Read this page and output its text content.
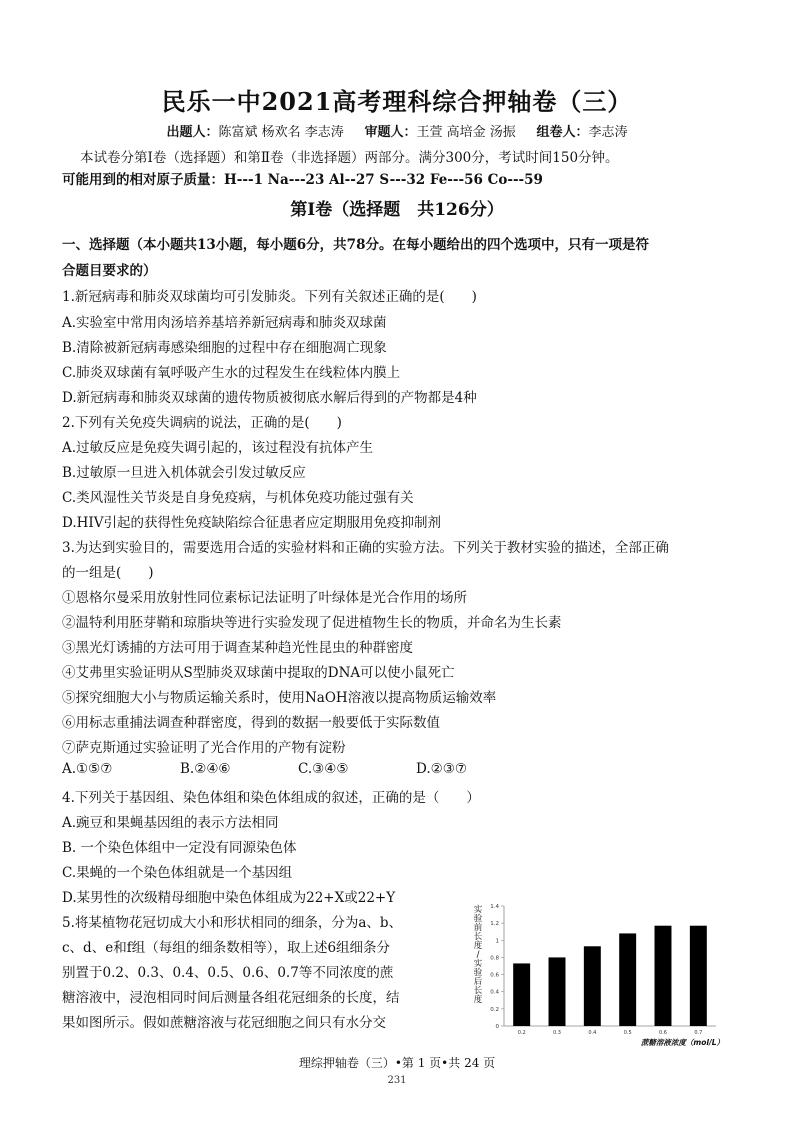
民乐一中2021高考理科综合押轴卷（三）
出题人：陈富斌 杨欢名 李志涛 审题人：王萱 高培金 汤振 组卷人：李志涛
本试卷分第Ⅰ卷（选择题）和第Ⅱ卷（非选择题）两部分。满分300分，考试时间150分钟。
可能用到的相对原子质量：H---1 Na---23 Al--27 S---32 Fe---56 Co---59
第Ⅰ卷（选择题　共126分）
一、选择题（本小题共13小题，每小题6分，共78分。在每小题给出的四个选项中，只有一项是符
合题目要求的）
1.新冠病毒和肺炎双球菌均可引发肺炎。下列有关叙述正确的是(　　)
A.实验室中常用肉汤培养基培养新冠病毒和肺炎双球菌
B.清除被新冠病毒感染细胞的过程中存在细胞凋亡现象
C.肺炎双球菌有氧呼吸产生水的过程发生在线粒体内膜上
D.新冠病毒和肺炎双球菌的遗传物质被彻底水解后得到的产物都是4种
2.下列有关免疫失调病的说法，正确的是(　　)
A.过敏反应是免疫失调引起的，该过程没有抗体产生
B.过敏原一旦进入机体就会引发过敏反应
C.类风湿性关节炎是自身免疫病，与机体免疫功能过强有关
D.HIV引起的获得性免疫缺陷综合征患者应定期服用免疫抑制剂
3.为达到实验目的，需要选用合适的实验材料和正确的实验方法。下列关于教材实验的描述，全部正确
的一组是(　　)
①恩格尔曼采用放射性同位素标记法证明了叶绿体是光合作用的场所
②温特利用胚芽鞘和琼脂块等进行实验发现了促进植物生长的物质，并命名为生长素
③黑光灯诱捕的方法可用于调查某种趋光性昆虫的种群密度
④艾弗里实验证明从S型肺炎双球菌中提取的DNA可以使小鼠死亡
⑤探究细胞大小与物质运输关系时，使用NaOH溶液以提高物质运输效率
⑥用标志重捕法调查种群密度，得到的数据一般要低于实际数值
⑦萨克斯通过实验证明了光合作用的产物有淀粉
A.①⑤⑦	B.②④⑥	C.③④⑤	D.②③⑦
4.下列关于基因组、染色体组和染色体组成的叙述，正确的是（　　）
A.豌豆和果蝇基因组的表示方法相同
B. 一个染色体组中一定没有同源染色体
C.果蝇的一个染色体组就是一个基因组
D.某男性的次级精母细胞中染色体组成为22+X或22+Y
5.将某植物花冠切成大小和形状相同的细条，分为a、b、
c、d、e和f组（每组的细条数相等），取上述6组细条分
别置于0.2、0.3、0.4、0.5、0.6、0.7等不同浓度的蔗
糖溶液中，浸泡相同时间后测量各组花冠细条的长度，结
果如图所示。假如蔗糖溶液与花冠细胞之间只有水分交	0
0.2
0.4
0.6
0.8
1
1.2
1.4
实验前长度/实验后长度
0.2	0.3	0.4	0.5	0.6	0.7
蔗糖溶液浓度（mol/L）
理综押轴卷（三）•第 1 页•共 24 页
231
